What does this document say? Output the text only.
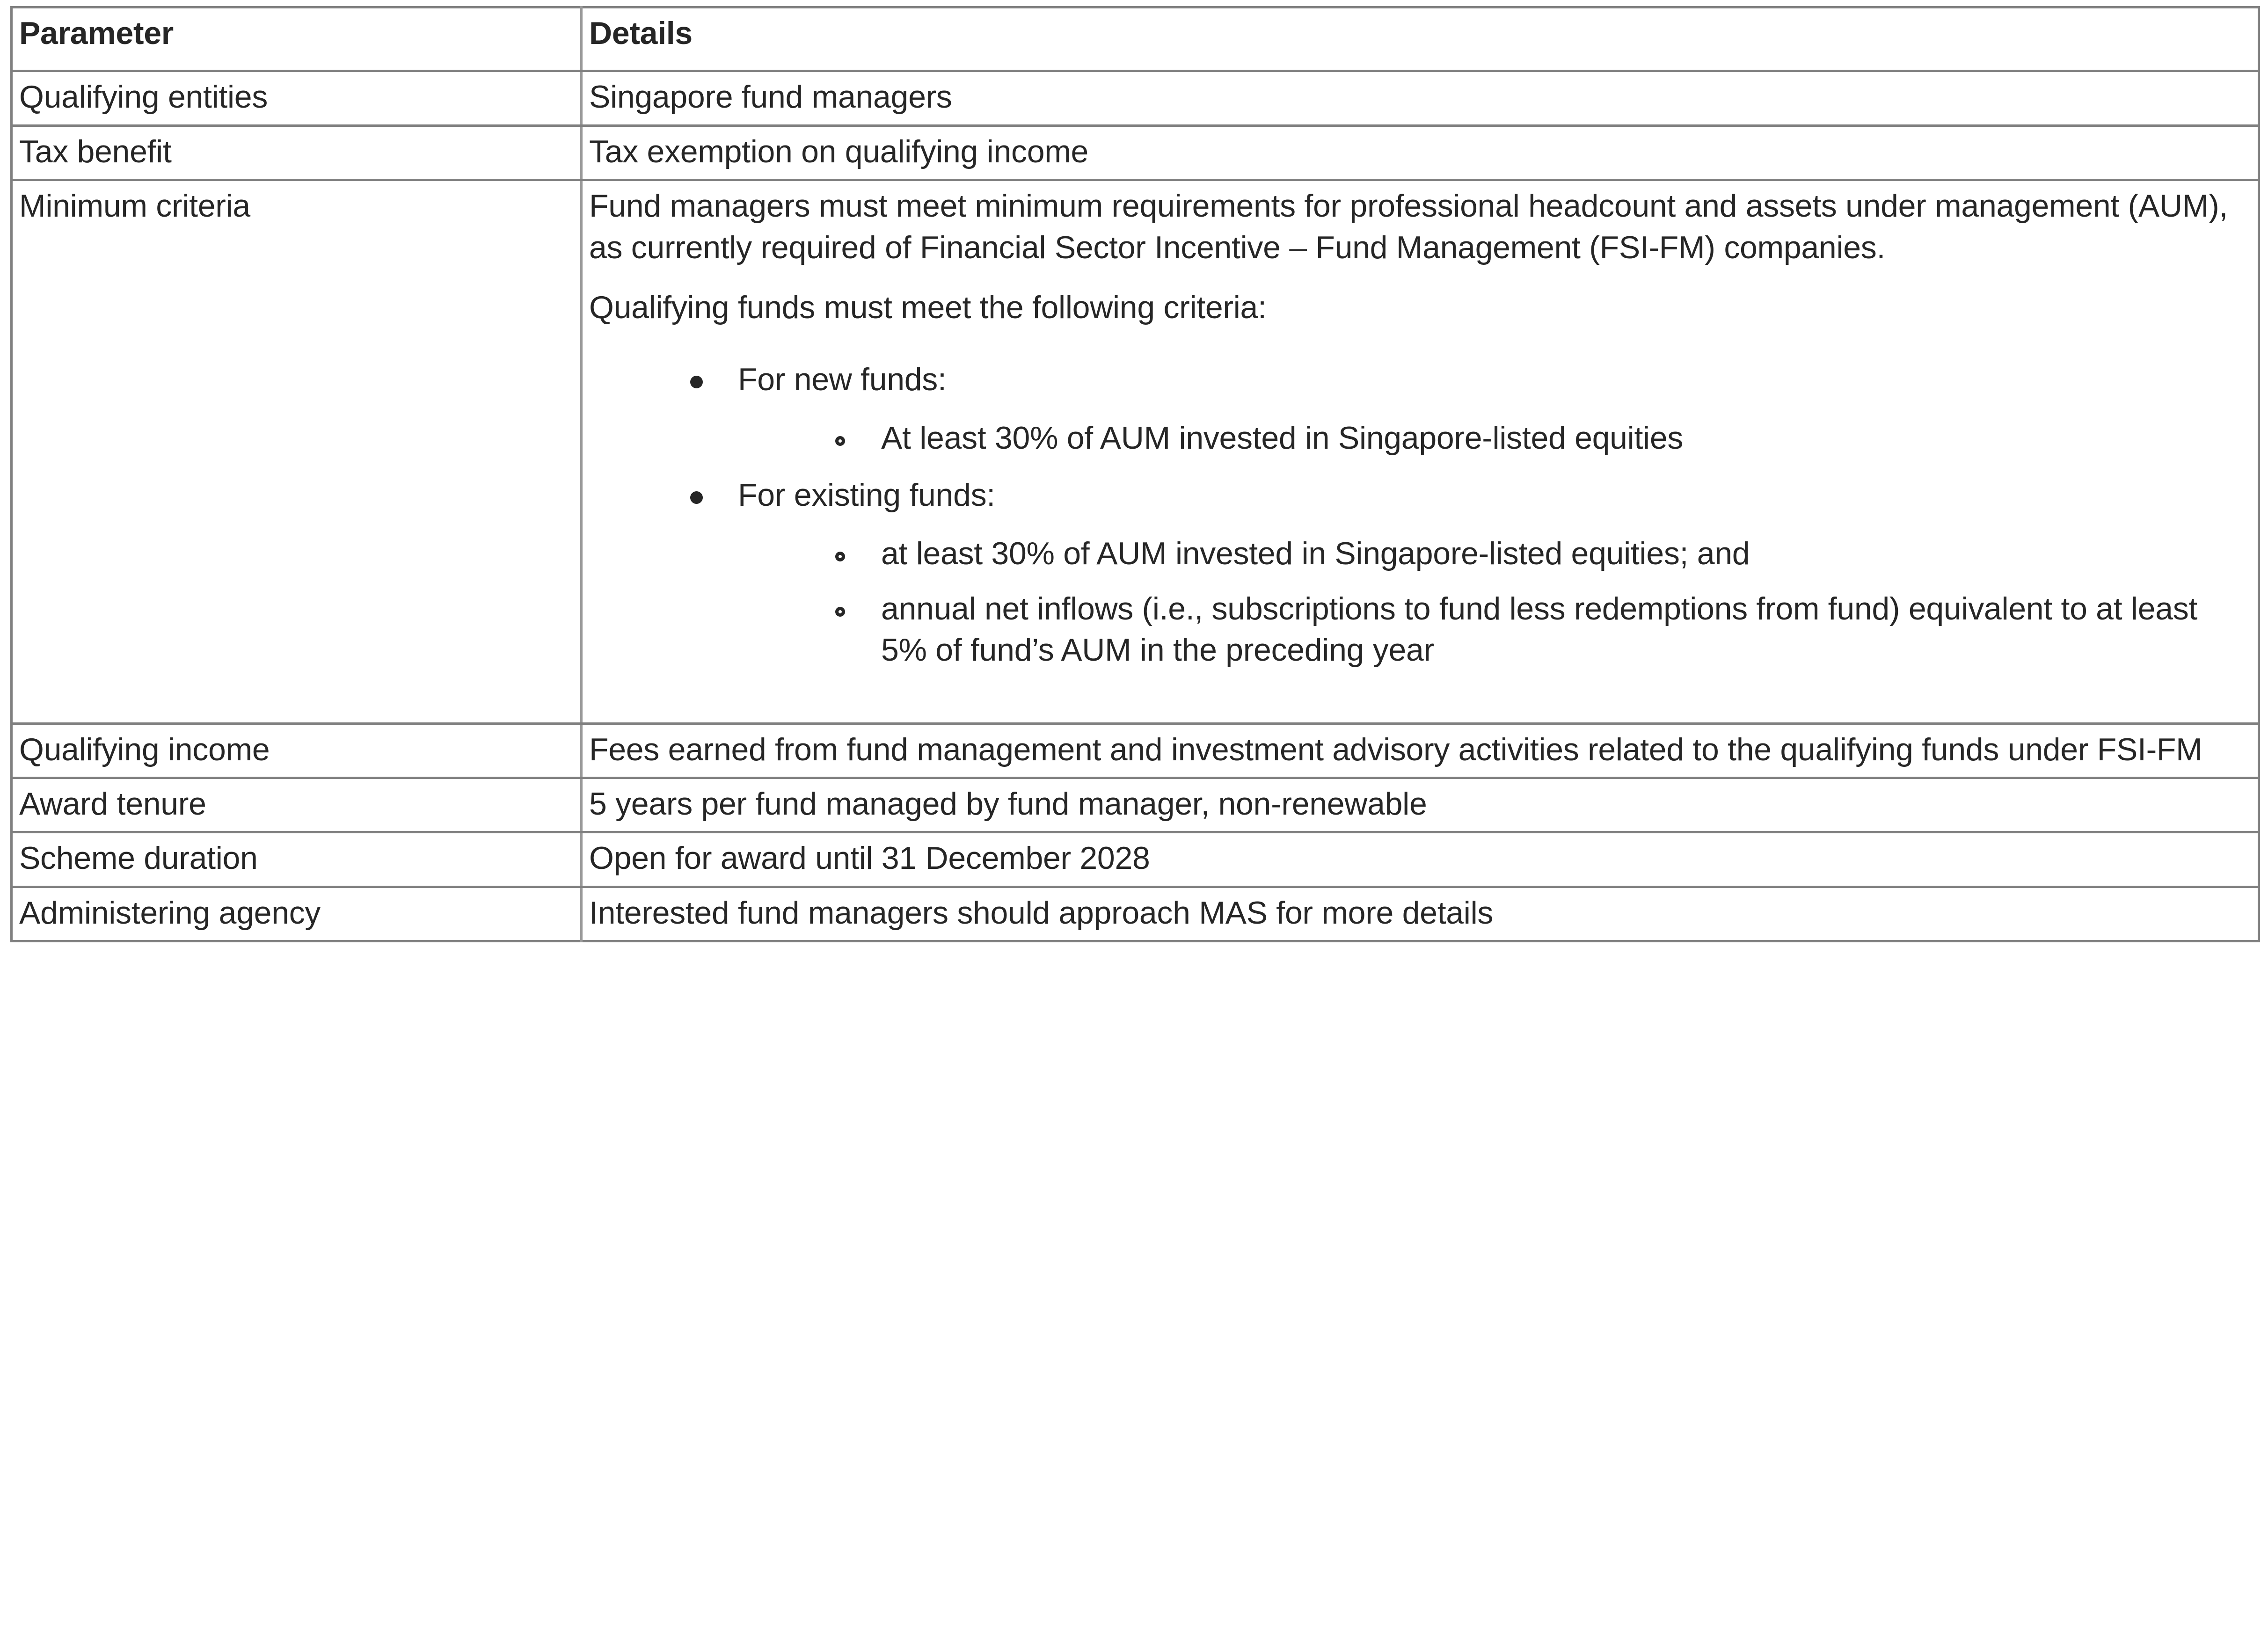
Parameter	Details
Qualifying entities	Singapore fund managers

Tax benefit	Tax exemption on qualifying income

Minimum criteria	Fund managers must meet minimum requirements for professional headcount and assets under management (AUM), as currently required of Financial Sector Incentive – Fund Management (FSI-FM) companies.

Qualifying funds must meet the following criteria:

For new funds:
At least 30% of AUM invested in Singapore-listed equities
For existing funds:
at least 30% of AUM invested in Singapore-listed equities; and
annual net inflows (i.e., subscriptions to fund less redemptions from fund) equivalent to at least 5% of fund’s AUM in the preceding year

Qualifying income	Fees earned from fund management and investment advisory activities related to the qualifying funds under FSI-FM

Award tenure	5 years per fund managed by fund manager, non-renewable

Scheme duration	Open for award until 31 December 2028

Administering agency	Interested fund managers should approach MAS for more details
